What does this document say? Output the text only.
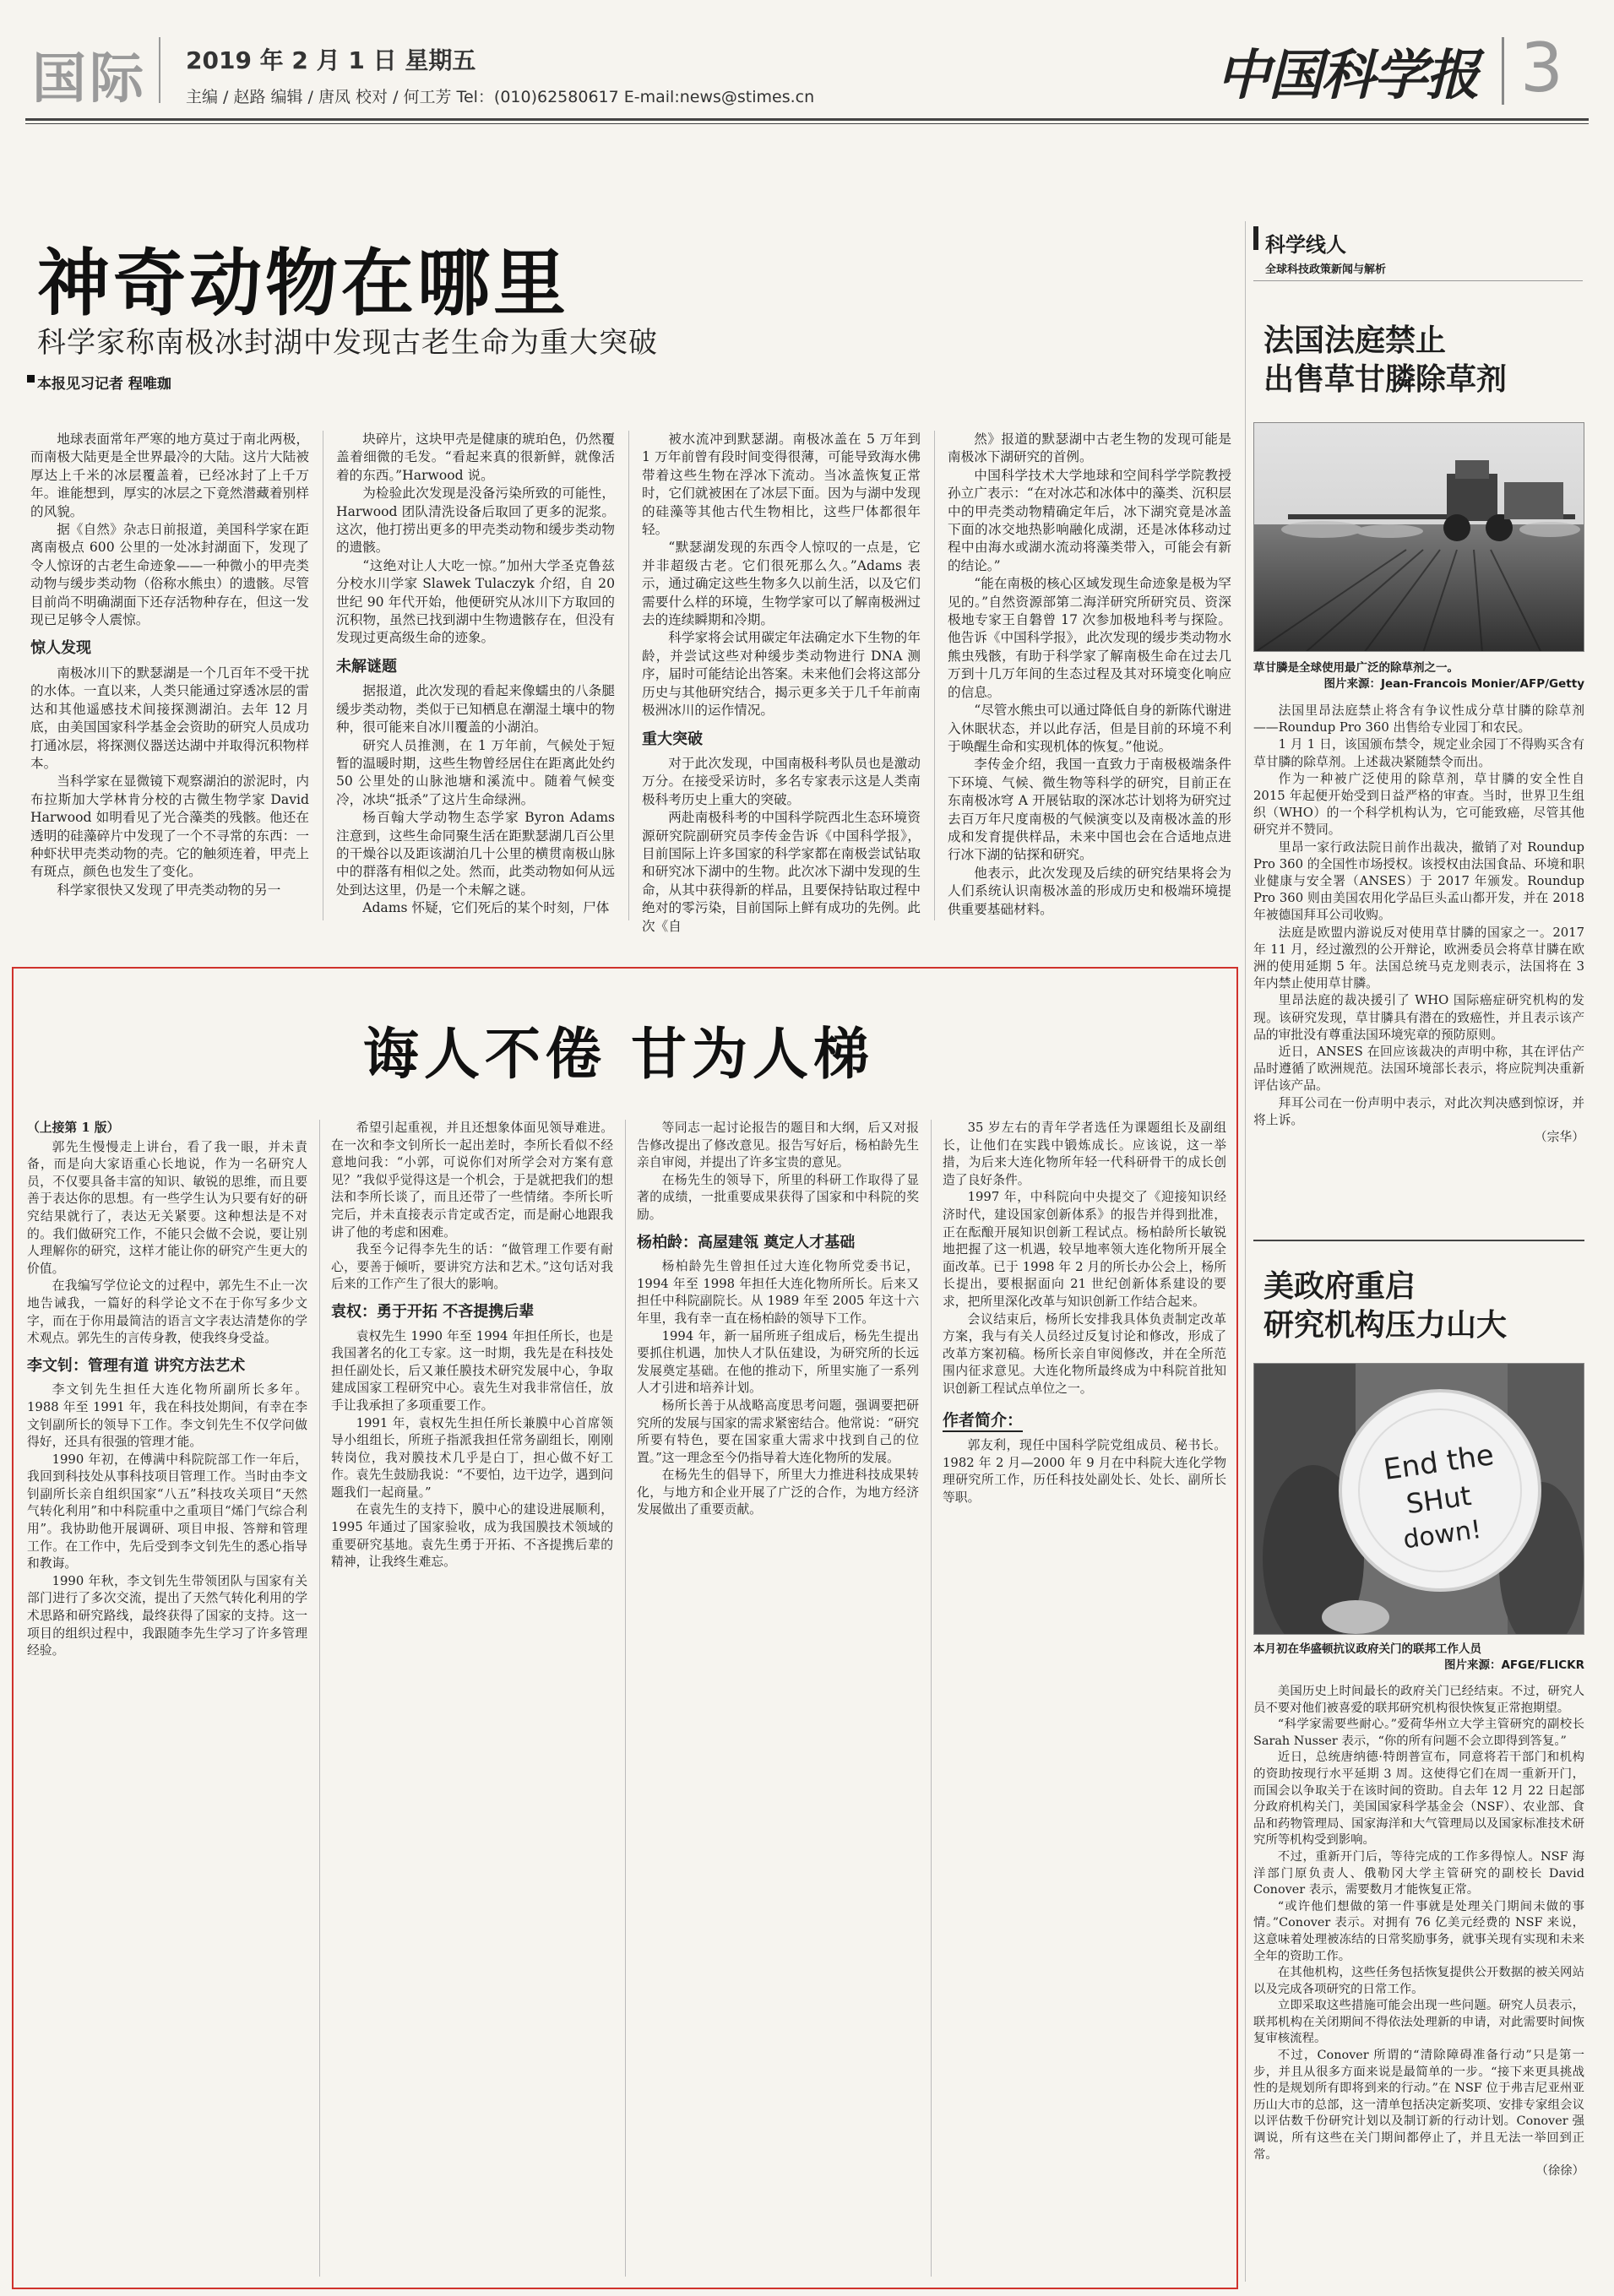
国际 2019 年 2 月 1 日 星期五
主编 / 赵路 编辑 / 唐凤 校对 / 何工芳 Tel：(010)62580617 E-mail:news@stimes.cn	中国科学报 3
神奇动物在哪里
科学家称南极冰封湖中发现古老生命为重大突破
本报见习记者 程唯珈

地球表面常年严寒的地方莫过于南北两极，而南极大陆更是全世界最冷的大陆。这片大陆被厚达上千米的冰层覆盖着，已经冰封了上千万年。谁能想到，厚实的冰层之下竟然潜藏着别样的风貌。

据《自然》杂志日前报道，美国科学家在距离南极点 600 公里的一处冰封湖面下，发现了令人惊讶的古老生命迹象——一种微小的甲壳类动物与缓步类动物（俗称水熊虫）的遗骸。尽管目前尚不明确湖面下还存活物种存在，但这一发现已足够令人震惊。

惊人发现

南极冰川下的默瑟湖是一个几百年不受干扰的水体。一直以来，人类只能通过穿透冰层的雷达和其他遥感技术间接探测湖泊。去年 12 月底，由美国国家科学基金会资助的研究人员成功打通冰层，将探测仪器送达湖中并取得沉积物样本。

当科学家在显微镜下观察湖泊的淤泥时，内布拉斯加大学林肯分校的古微生物学家 David Harwood 如明看见了光合藻类的残骸。他还在透明的硅藻碎片中发现了一个不寻常的东西：一种虾状甲壳类动物的壳。它的触须连着，甲壳上有斑点，颜色也发生了变化。

科学家很快又发现了甲壳类动物的另一

块碎片，这块甲壳是健康的琥珀色，仍然覆盖着细微的毛发。“看起来真的很新鲜，就像活着的东西。”Harwood 说。

为检验此次发现是没备污染所致的可能性，Harwood 团队清洗设备后取回了更多的泥浆。这次，他打捞出更多的甲壳类动物和缓步类动物的遗骸。

“这绝对让人大吃一惊。”加州大学圣克鲁兹分校水川学家 Slawek Tulaczyk 介绍，自 20 世纪 90 年代开始，他便研究从冰川下方取回的沉积物，虽然已找到湖中生物遗骸存在，但没有发现过更高级生命的迹象。

未解谜题

据报道，此次发现的看起来像蠕虫的八条腿缓步类动物，类似于已知栖息在潮湿土壤中的物种，很可能来自冰川覆盖的小湖泊。

研究人员推测，在 1 万年前，气候处于短暂的温暖时期，这些生物曾经居住在距离此处约 50 公里处的山脉池塘和溪流中。随着气候变冷，冰块“抵杀”了这片生命绿洲。

杨百翰大学动物生态学家 Byron Adams 注意到，这些生命同聚生活在距默瑟湖几百公里的干燥谷以及距该湖泊几十公里的横贯南极山脉中的群落有相似之处。然而，此类动物如何从远处到达这里，仍是一个未解之谜。

Adams 怀疑，它们死后的某个时刻，尸体

被水流冲到默瑟湖。南极冰盖在 5 万年到 1 万年前曾有段时间变得很薄，可能导致海水佛带着这些生物在浮冰下流动。当冰盖恢复正常时，它们就被困在了冰层下面。因为与湖中发现的硅藻等其他古代生物相比，这些尸体都很年轻。

“默瑟湖发现的东西令人惊叹的一点是，它并非超级古老。它们很死那么久。”Adams 表示，通过确定这些生物多久以前生活，以及它们需要什么样的环境，生物学家可以了解南极洲过去的连续瞬期和冷期。

科学家将会试用碳定年法确定水下生物的年龄，并尝试这些对种缓步类动物进行 DNA 测序，届时可能结论出答案。未来他们会将这部分历史与其他研究结合，揭示更多关于几千年前南极洲冰川的运作情况。

重大突破

对于此次发现，中国南极科考队员也是激动万分。在接受采访时，多名专家表示这是人类南极科考历史上重大的突破。

两赴南极科考的中国科学院西北生态环境资源研究院副研究员李传金告诉《中国科学报》，目前国际上许多国家的科学家都在南极尝试钻取和研究冰下湖中的生物。此次冰下湖中发现的生命，从其中获得新的样品，且要保持钻取过程中绝对的零污染，目前国际上鲜有成功的先例。此次《自

然》报道的默瑟湖中古老生物的发现可能是南极冰下湖研究的首例。

中国科学技术大学地球和空间科学学院教授孙立广表示：“在对冰芯和冰体中的藻类、沉积层中的甲壳类动物精确定年后，冰下湖究竟是冰盖下面的冰交地热影响融化成湖，还是冰体移动过程中由海水或湖水流动将藻类带入，可能会有新的结论。”

“能在南极的核心区域发现生命迹象是极为罕见的。”自然资源部第二海洋研究所研究员、资深极地专家王自磐曾 17 次参加极地科考与探险。他告诉《中国科学报》，此次发现的缓步类动物水熊虫残骸，有助于科学家了解南极生命在过去几万到十几万年间的生态过程及其对环境变化响应的信息。

“尽管水熊虫可以通过降低自身的新陈代谢进入休眠状态，并以此存活，但是目前的环境不利于唤醒生命和实现机体的恢复。”他说。

李传金介绍，我国一直致力于南极极端条件下环境、气候、微生物等科学的研究，目前正在东南极冰穹 A 开展钻取的深冰芯计划将为研究过去百万年尺度南极的气候演变以及南极冰盖的形成和发育提供样品，未来中国也会在合适地点进行冰下湖的钻探和研究。

他表示，此次发现及后续的研究结果将会为人们系统认识南极冰盖的形成历史和极端环境提供重要基础材料。

诲人不倦 甘为人梯
（上接第 1 版）

郭先生慢慢走上讲台，看了我一眼，并未責备，而是向大家语重心长地说，作为一名研究人员，不仅要具备丰富的知识、敏锐的思维，而且要善于表达你的思想。有一些学生认为只要有好的研究结果就行了，表达无关紧要。这种想法是不对的。我们做研究工作，不能只会做不会说，要让别人理解你的研究，这样才能让你的研究产生更大的价值。

在我编写学位论文的过程中，郭先生不止一次地告诫我，一篇好的科学论文不在于你写多少文字，而在于你用最简洁的语言文字表达清楚你的学术观点。郭先生的言传身教，使我终身受益。

李文钊：管理有道 讲究方法艺术

李文钊先生担任大连化物所副所长多年。1988 年至 1991 年，我在科技处期间，有幸在李文钊副所长的领导下工作。李文钊先生不仅学问做得好，还具有很强的管理才能。

1990 年初，在傅满中科院院部工作一年后，我回到科技处从事科技项目管理工作。当时由李文钊副所长亲自组织国家“八五”科技攻关项目“天然气转化利用”和中科院重中之重项目“烯门气综合利用”。我协助他开展调研、项目申报、答辩和管理工作。在工作中，先后受到李文钊先生的悉心指导和教诲。

1990 年秋，李文钊先生带领团队与国家有关部门进行了多次交流，提出了天然气转化利用的学术思路和研究路线，最终获得了国家的支持。这一项目的组织过程中，我跟随李先生学习了许多管理经验。

希望引起重视，并且还想象体面见领导难进。在一次和李文钊所长一起出差时，李所长看似不经意地问我：“小郭，可说你们对所学会对方案有意见？”我似乎觉得这是一个机会，于是就把我们的想法和李所长谈了，而且还带了一些情绪。李所长听完后，并未直接表示肯定或否定，而是耐心地跟我讲了他的考虑和困难。

我至今记得李先生的话：“做管理工作要有耐心，要善于倾听，要讲究方法和艺术。”这句话对我后来的工作产生了很大的影响。

袁权：勇于开拓 不吝提携后辈

袁权先生 1990 年至 1994 年担任所长，也是我国著名的化工专家。这一时期，我先是在科技处担任副处长，后又兼任膜技术研究发展中心，争取建成国家工程研究中心。袁先生对我非常信任，放手让我承担了多项重要工作。

1991 年，袁权先生担任所长兼膜中心首席领导小组组长，所班子指派我担任常务副组长，刚刚转岗位，我对膜技术几乎是白丁，担心做不好工作。袁先生鼓励我说：“不要怕，边干边学，遇到问题我们一起商量。”

在袁先生的支持下，膜中心的建设进展顺利，1995 年通过了国家验收，成为我国膜技术领域的重要研究基地。袁先生勇于开拓、不吝提携后辈的精神，让我终生难忘。

等同志一起讨论报告的题目和大纲，后又对报告修改提出了修改意见。报告写好后，杨柏龄先生亲自审阅，并提出了许多宝贵的意见。

在杨先生的领导下，所里的科研工作取得了显著的成绩，一批重要成果获得了国家和中科院的奖励。

杨柏龄：高屋建瓴 奠定人才基础

杨柏龄先生曾担任过大连化物所党委书记，1994 年至 1998 年担任大连化物所所长。后来又担任中科院副院长。从 1989 年至 2005 年这十六年里，我有幸一直在杨柏龄的领导下工作。

1994 年，新一届所班子组成后，杨先生提出要抓住机遇，加快人才队伍建设，为研究所的长远发展奠定基础。在他的推动下，所里实施了一系列人才引进和培养计划。

杨所长善于从战略高度思考问题，强调要把研究所的发展与国家的需求紧密结合。他常说：“研究所要有特色，要在国家重大需求中找到自己的位置。”这一理念至今仍指导着大连化物所的发展。

在杨先生的倡导下，所里大力推进科技成果转化，与地方和企业开展了广泛的合作，为地方经济发展做出了重要贡献。

35 岁左右的青年学者选任为课题组长及副组长，让他们在实践中锻炼成长。应该说，这一举措，为后来大连化物所年轻一代科研骨干的成长创造了良好条件。

1997 年，中科院向中央提交了《迎接知识经济时代，建设国家创新体系》的报告并得到批准，正在酝酿开展知识创新工程试点。杨柏龄所长敏锐地把握了这一机遇，较早地率领大连化物所开展全面改革。已于 1998 年 2 月的所长办公会上，杨所长提出，要根据面向 21 世纪创新体系建设的要求，把所里深化改革与知识创新工作结合起来。

会议结束后，杨所长安排我具体负责制定改革方案，我与有关人员经过反复讨论和修改，形成了改革方案初稿。杨所长亲自审阅修改，并在全所范围内征求意见。大连化物所最终成为中科院首批知识创新工程试点单位之一。

作者简介：

郭友利，现任中国科学院党组成员、秘书长。1982 年 2 月—2000 年 9 月在中科院大连化学物理研究所工作，历任科技处副处长、处长、副所长等职。

科学线人
全球科技政策新闻与解析
法国法庭禁止
出售草甘膦除草剂
草甘膦是全球使用最广泛的除草剂之一。
图片来源：Jean-Francois Monier/AFP/Getty

法国里昂法庭禁止将含有争议性成分草甘膦的除草剂——Roundup Pro 360 出售给专业园丁和农民。

1 月 1 日，该国颁布禁令，规定业余园丁不得购买含有草甘膦的除草剂。上述裁决紧随禁令而出。

作为一种被广泛使用的除草剂，草甘膦的安全性自 2015 年起便开始受到日益严格的审查。当时，世界卫生组织（WHO）的一个科学机构认为，它可能致癌，尽管其他研究并不赞同。

里昂一家行政法院日前作出裁决，撤销了对 Roundup Pro 360 的全国性市场授权。该授权由法国食品、环境和职业健康与安全署（ANSES）于 2017 年颁发。Roundup Pro 360 则由美国农用化学品巨头孟山都开发，并在 2018 年被德国拜耳公司收购。

法庭是欧盟内游说反对使用草甘膦的国家之一。2017 年 11 月，经过激烈的公开辩论，欧洲委员会将草甘膦在欧洲的使用延期 5 年。法国总统马克龙则表示，法国将在 3 年内禁止使用草甘膦。

里昂法庭的裁决援引了 WHO 国际癌症研究机构的发现。该研究发现，草甘膦具有潜在的致癌性，并且表示该产品的审批没有尊重法国环境宪章的预防原则。

近日，ANSES 在回应该裁决的声明中称，其在评估产品时遵循了欧洲规范。法国环境部长表示，将应院判决重新评估该产品。

拜耳公司在一份声明中表示，对此次判决感到惊讶，并将上诉。

（宗华）
美政府重启
研究机构压力山大
End the
SHut
down!
本月初在华盛顿抗议政府关门的联邦工作人员
图片来源：AFGE/FLICKR

美国历史上时间最长的政府关门已经结束。不过，研究人员不要对他们被喜爱的联邦研究机构很快恢复正常抱期望。

“科学家需要些耐心。”爱荷华州立大学主管研究的副校长 Sarah Nusser 表示，“你的所有问题不会立即得到答复。”

近日，总统唐纳德·特朗普宣布，同意将若干部门和机构的资助按现行水平延期 3 周。这使得它们在周一重新开门，而国会以争取关于在该时间的资助。自去年 12 月 22 日起部分政府机构关门，美国国家科学基金会（NSF）、农业部、食品和药物管理局、国家海洋和大气管理局以及国家标准技术研究所等机构受到影响。

不过，重新开门后，等待完成的工作多得惊人。NSF 海洋部门原负责人、俄勒冈大学主管研究的副校长 David Conover 表示，需要数月才能恢复正常。

“或许他们想做的第一件事就是处理关门期间未做的事情。”Conover 表示。对拥有 76 亿美元经费的 NSF 来说，这意味着处理被冻结的日常奖励事务，就事关现有实现和未来全年的资助工作。

在其他机构，这些任务包括恢复提供公开数据的被关网站以及完成各项研究的日常工作。

立即采取这些措施可能会出现一些问题。研究人员表示，联邦机构在关闭期间不得依法处理新的申请，对此需要时间恢复审核流程。

不过，Conover 所谓的“清除障碍准备行动”只是第一步，并且从很多方面来说是最简单的一步。“接下来更具挑战性的是规划所有即将到来的行动。”在 NSF 位于弗吉尼亚州亚历山大市的总部，这一清单包括决定新奖项、安排专家组会议以评估数千份研究计划以及制订新的行动计划。Conover 强调说，所有这些在关门期间都停止了，并且无法一举回到正常。

（徐徐）
